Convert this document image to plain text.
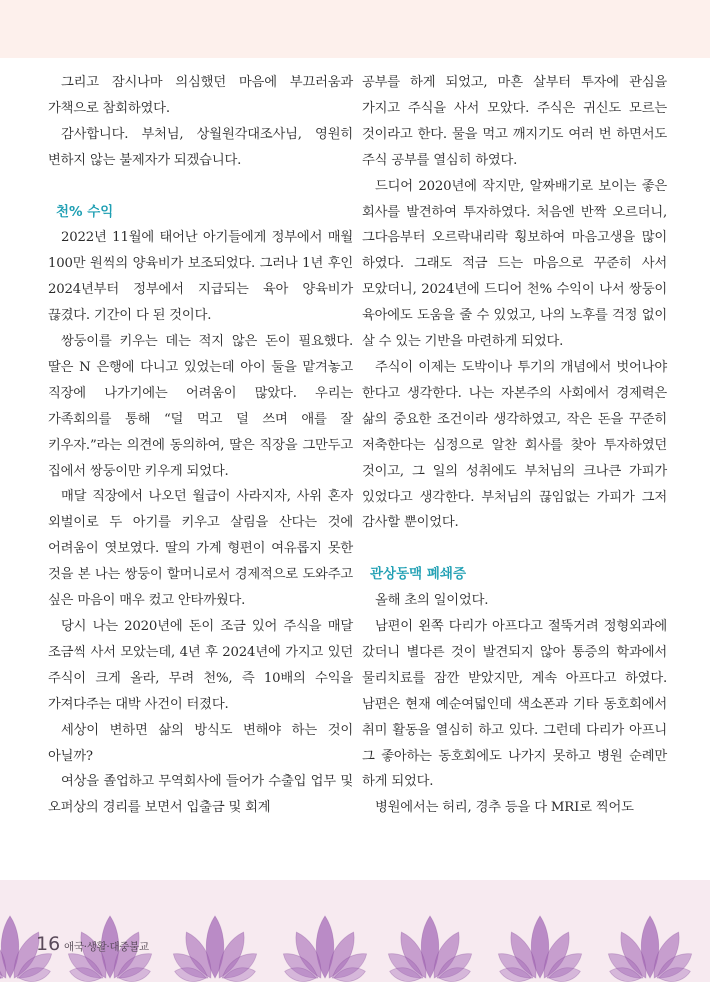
그리고 잠시나마 의심했던 마음에 부끄러움과 가책으로 참회하였다.

감사합니다. 부처님, 상월원각대조사님, 영원히 변하지 않는 불제자가 되겠습니다.

천% 수익

2022년 11월에 태어난 아기들에게 정부에서 매월 100만 원씩의 양육비가 보조되었다. 그러나 1년 후인 2024년부터 정부에서 지급되는 육아 양육비가 끊겼다. 기간이 다 된 것이다.

쌍둥이를 키우는 데는 적지 않은 돈이 필요했다. 딸은 N 은행에 다니고 있었는데 아이 둘을 맡겨놓고 직장에 나가기에는 어려움이 많았다. 우리는 가족회의를 통해 “덜 먹고 덜 쓰며 애를 잘 키우자.”라는 의견에 동의하여, 딸은 직장을 그만두고 집에서 쌍둥이만 키우게 되었다.

매달 직장에서 나오던 월급이 사라지자, 사위 혼자 외벌이로 두 아기를 키우고 살림을 산다는 것에 어려움이 엿보였다. 딸의 가계 형편이 여유롭지 못한 것을 본 나는 쌍둥이 할머니로서 경제적으로 도와주고 싶은 마음이 매우 컸고 안타까웠다.

당시 나는 2020년에 돈이 조금 있어 주식을 매달 조금씩 사서 모았는데, 4년 후 2024년에 가지고 있던 주식이 크게 올라, 무려 천%, 즉 10배의 수익을 가져다주는 대박 사건이 터졌다.

세상이 변하면 삶의 방식도 변해야 하는 것이 아닐까?

여상을 졸업하고 무역회사에 들어가 수출입 업무 및 오퍼상의 경리를 보면서 입출금 및 회계

공부를 하게 되었고, 마흔 살부터 투자에 관심을 가지고 주식을 사서 모았다. 주식은 귀신도 모르는 것이라고 한다. 물을 먹고 깨지기도 여러 번 하면서도 주식 공부를 열심히 하였다.

드디어 2020년에 작지만, 알짜배기로 보이는 좋은 회사를 발견하여 투자하였다. 처음엔 반짝 오르더니, 그다음부터 오르락내리락 횡보하여 마음고생을 많이 하였다. 그래도 적금 드는 마음으로 꾸준히 사서 모았더니, 2024년에 드디어 천% 수익이 나서 쌍둥이 육아에도 도움을 줄 수 있었고, 나의 노후를 걱정 없이 살 수 있는 기반을 마련하게 되었다.

주식이 이제는 도박이나 투기의 개념에서 벗어나야 한다고 생각한다. 나는 자본주의 사회에서 경제력은 삶의 중요한 조건이라 생각하였고, 작은 돈을 꾸준히 저축한다는 심정으로 알찬 회사를 찾아 투자하였던 것이고, 그 일의 성취에도 부처님의 크나큰 가피가 있었다고 생각한다. 부처님의 끊임없는 가피가 그저 감사할 뿐이었다.

관상동맥 폐쇄증

올해 초의 일이었다.

남편이 왼쪽 다리가 아프다고 절뚝거려 정형외과에 갔더니 별다른 것이 발견되지 않아 통증의 학과에서 물리치료를 잠깐 받았지만, 계속 아프다고 하였다. 남편은 현재 예순여덟인데 색소폰과 기타 동호회에서 취미 활동을 열심히 하고 있다. 그런데 다리가 아프니 그 좋아하는 동호회에도 나가지 못하고 병원 순례만 하게 되었다.

병원에서는 허리, 경추 등을 다 MRI로 찍어도

16 애국·생활·대중불교
